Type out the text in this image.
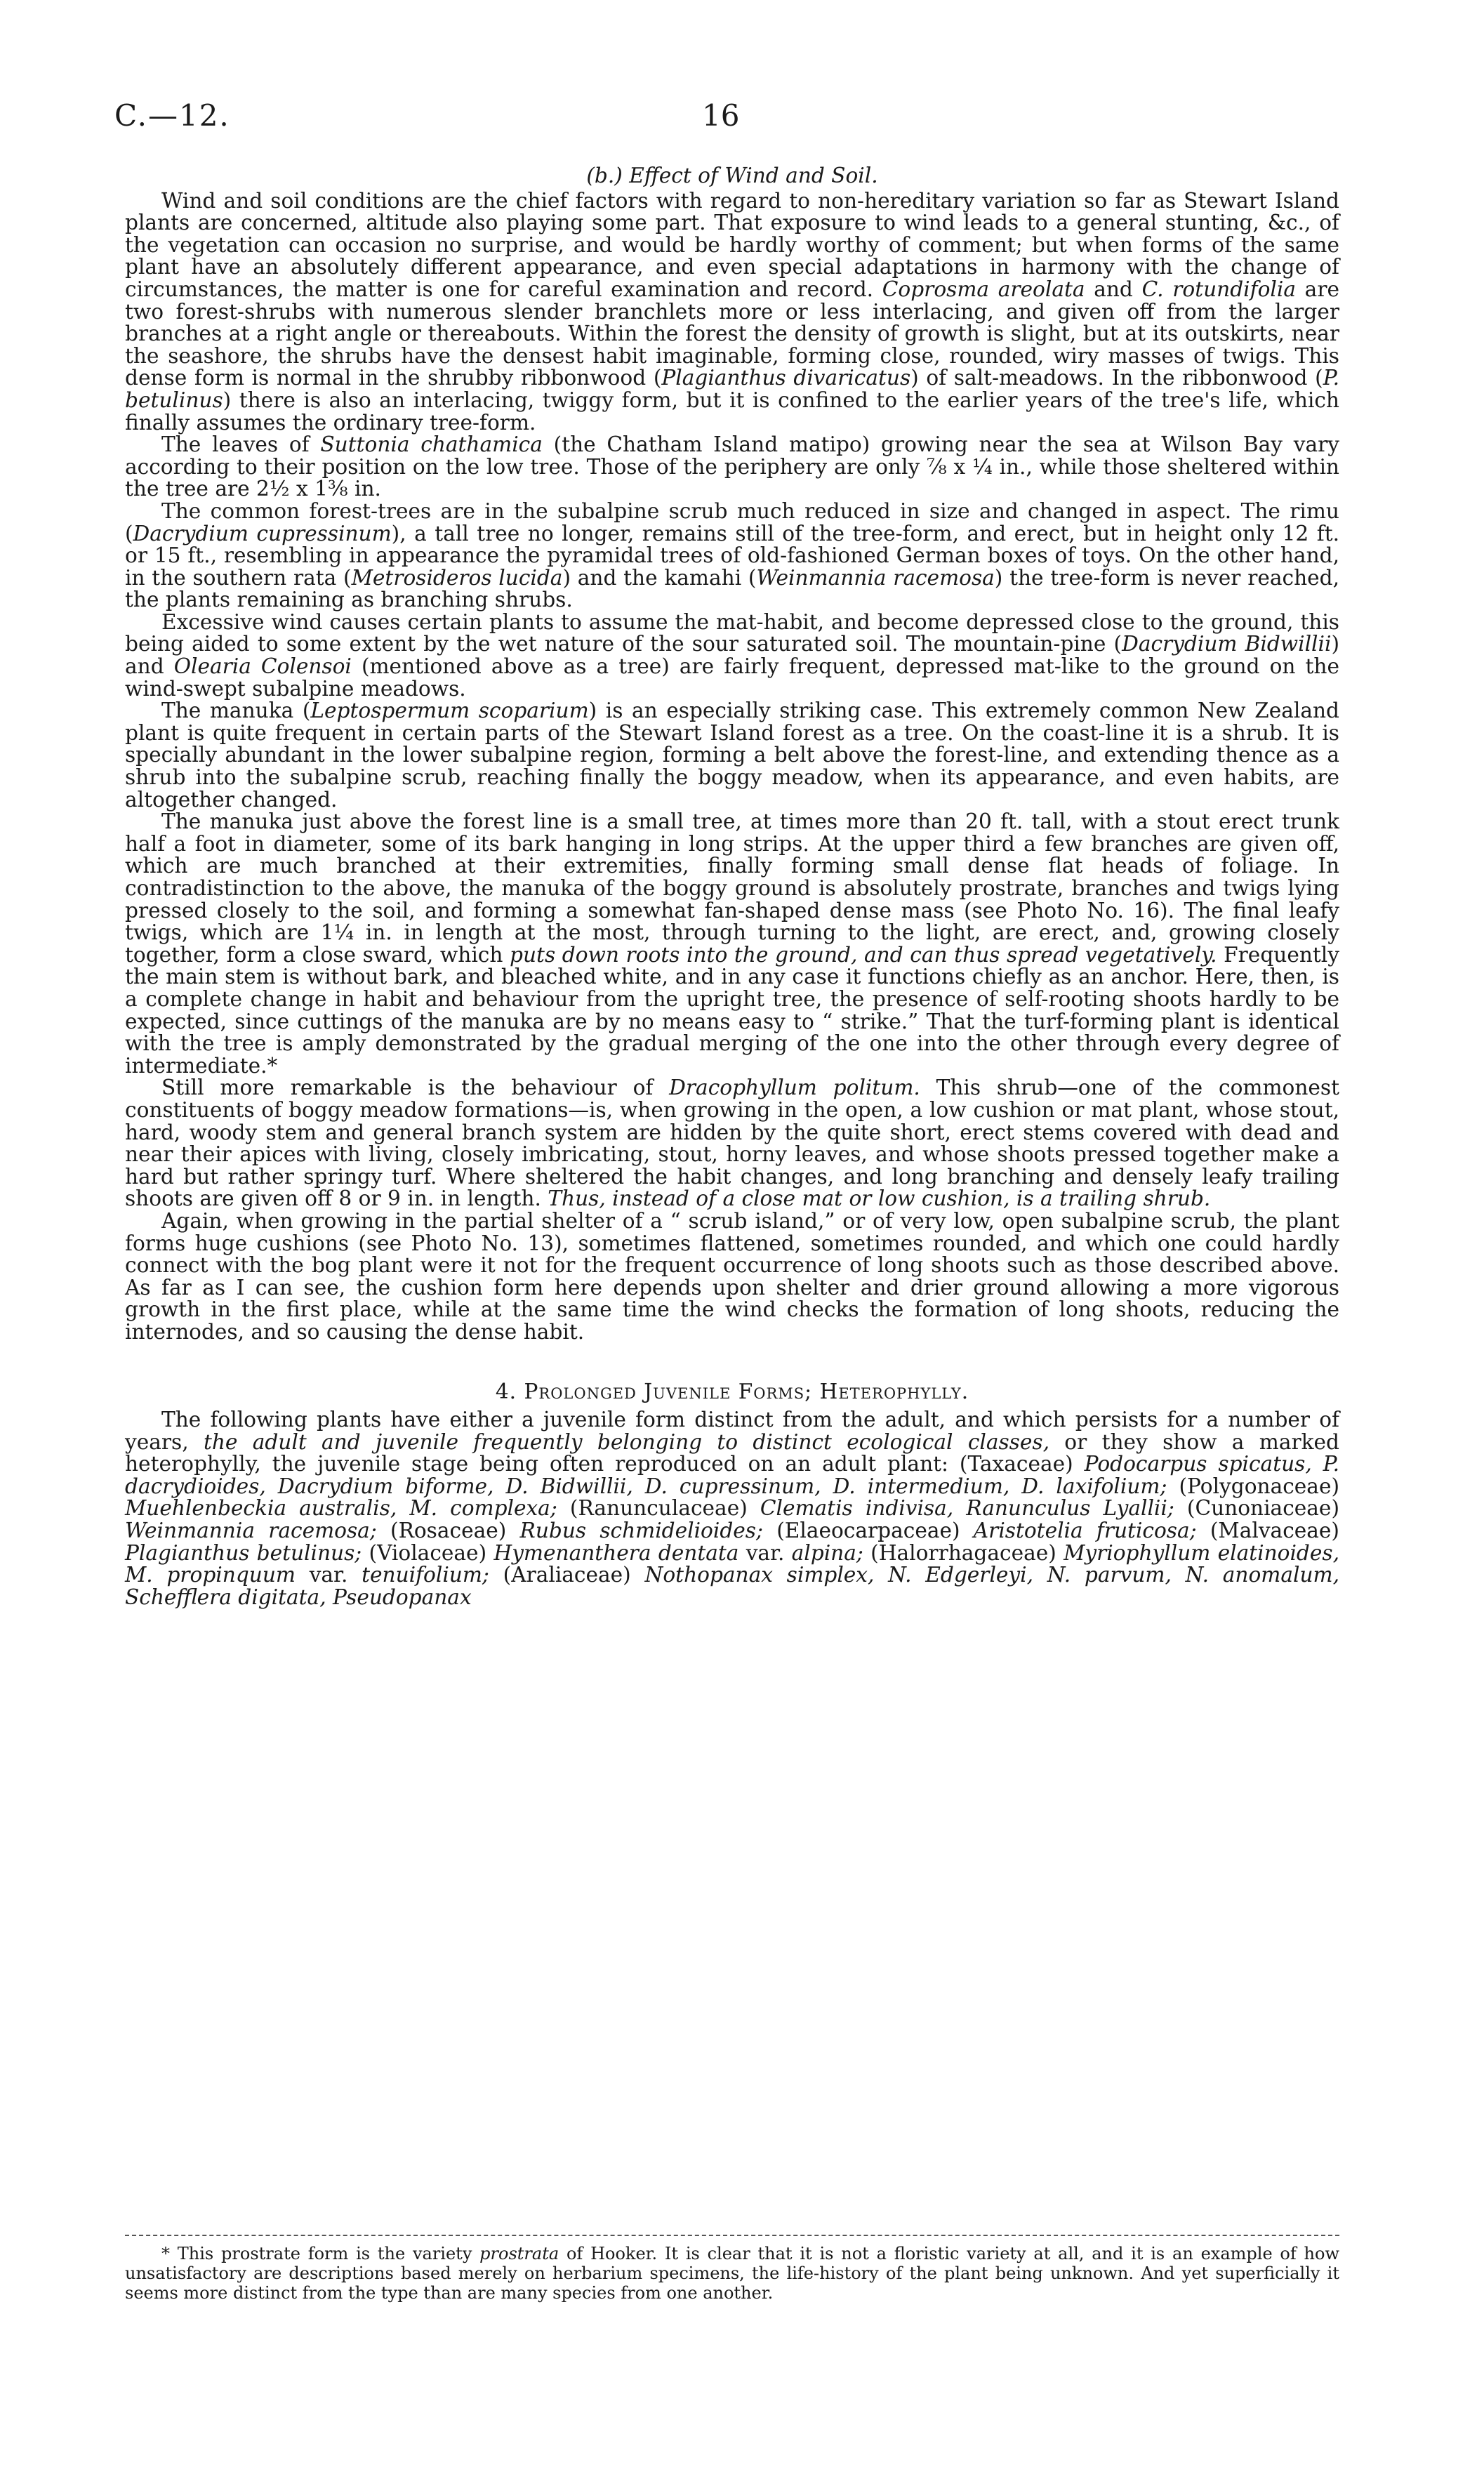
C.—12.	16
(b.) Effect of Wind and Soil.

Wind and soil conditions are the chief factors with regard to non-hereditary variation so far as Stewart Island plants are concerned, altitude also playing some part. That exposure to wind leads to a general stunting, &c., of the vegetation can occasion no surprise, and would be hardly worthy of comment; but when forms of the same plant have an absolutely different appearance, and even special adaptations in harmony with the change of circumstances, the matter is one for careful examination and record. Coprosma areolata and C. rotundifolia are two forest-shrubs with numerous slender branchlets more or less interlacing, and given off from the larger branches at a right angle or thereabouts. Within the forest the density of growth is slight, but at its outskirts, near the seashore, the shrubs have the densest habit imaginable, forming close, rounded, wiry masses of twigs. This dense form is normal in the shrubby ribbonwood (Plagianthus divaricatus) of salt-meadows. In the ribbonwood (P. betulinus) there is also an interlacing, twiggy form, but it is confined to the earlier years of the tree's life, which finally assumes the ordinary tree-form.

The leaves of Suttonia chathamica (the Chatham Island matipo) growing near the sea at Wilson Bay vary according to their position on the low tree. Those of the periphery are only ⅞ x ¼ in., while those sheltered within the tree are 2½ x 1⅜ in.

The common forest-trees are in the subalpine scrub much reduced in size and changed in aspect. The rimu (Dacrydium cupressinum), a tall tree no longer, remains still of the tree-form, and erect, but in height only 12 ft. or 15 ft., resembling in appearance the pyramidal trees of old-fashioned German boxes of toys. On the other hand, in the southern rata (Metrosideros lucida) and the kamahi (Weinmannia racemosa) the tree-form is never reached, the plants remaining as branching shrubs.

Excessive wind causes certain plants to assume the mat-habit, and become depressed close to the ground, this being aided to some extent by the wet nature of the sour saturated soil. The mountain-pine (Dacrydium Bidwillii) and Olearia Colensoi (mentioned above as a tree) are fairly frequent, depressed mat-like to the ground on the wind-swept subalpine meadows.

The manuka (Leptospermum scoparium) is an especially striking case. This extremely common New Zealand plant is quite frequent in certain parts of the Stewart Island forest as a tree. On the coast-line it is a shrub. It is specially abundant in the lower subalpine region, forming a belt above the forest-line, and extending thence as a shrub into the subalpine scrub, reaching finally the boggy meadow, when its appearance, and even habits, are altogether changed.

The manuka just above the forest line is a small tree, at times more than 20 ft. tall, with a stout erect trunk half a foot in diameter, some of its bark hanging in long strips. At the upper third a few branches are given off, which are much branched at their extremities, finally forming small dense flat heads of foliage. In contradistinction to the above, the manuka of the boggy ground is absolutely prostrate, branches and twigs lying pressed closely to the soil, and forming a somewhat fan-shaped dense mass (see Photo No. 16). The final leafy twigs, which are 1¼ in. in length at the most, through turning to the light, are erect, and, growing closely together, form a close sward, which puts down roots into the ground, and can thus spread vegetatively. Frequently the main stem is without bark, and bleached white, and in any case it functions chiefly as an anchor. Here, then, is a complete change in habit and behaviour from the upright tree, the presence of self-rooting shoots hardly to be expected, since cuttings of the manuka are by no means easy to “ strike.” That the turf-forming plant is identical with the tree is amply demonstrated by the gradual merging of the one into the other through every degree of intermediate.*

Still more remarkable is the behaviour of Dracophyllum politum. This shrub—one of the commonest constituents of boggy meadow formations—is, when growing in the open, a low cushion or mat plant, whose stout, hard, woody stem and general branch system are hidden by the quite short, erect stems covered with dead and near their apices with living, closely imbricating, stout, horny leaves, and whose shoots pressed together make a hard but rather springy turf. Where sheltered the habit changes, and long branching and densely leafy trailing shoots are given off 8 or 9 in. in length. Thus, instead of a close mat or low cushion, is a trailing shrub.

Again, when growing in the partial shelter of a “ scrub island,” or of very low, open subalpine scrub, the plant forms huge cushions (see Photo No. 13), sometimes flattened, sometimes rounded, and which one could hardly connect with the bog plant were it not for the frequent occurrence of long shoots such as those described above. As far as I can see, the cushion form here depends upon shelter and drier ground allowing a more vigorous growth in the first place, while at the same time the wind checks the formation of long shoots, reducing the internodes, and so causing the dense habit.

4. Prolonged Juvenile Forms; Heterophylly.

The following plants have either a juvenile form distinct from the adult, and which persists for a number of years, the adult and juvenile frequently belonging to distinct ecological classes, or they show a marked heterophylly, the juvenile stage being often reproduced on an adult plant: (Taxaceae) Podocarpus spicatus, P. dacrydioides, Dacrydium biforme, D. Bidwillii, D. cupressinum, D. intermedium, D. laxifolium; (Polygonaceae) Muehlenbeckia australis, M. complexa; (Ranunculaceae) Clematis indivisa, Ranunculus Lyallii; (Cunoniaceae) Weinmannia racemosa; (Rosaceae) Rubus schmidelioides; (Elaeocarpaceae) Aristotelia fruticosa; (Malvaceae) Plagianthus betulinus; (Violaceae) Hymenanthera dentata var. alpina; (Halorrhagaceae) Myriophyllum elatinoides, M. propinquum var. tenuifolium; (Araliaceae) Nothopanax simplex, N. Edgerleyi, N. parvum, N. anomalum, Schefflera digitata, Pseudopanax

* This prostrate form is the variety prostrata of Hooker. It is clear that it is not a floristic variety at all, and it is an example of how unsatisfactory are descriptions based merely on herbarium specimens, the life-history of the plant being unknown. And yet superficially it seems more distinct from the type than are many species from one another.
